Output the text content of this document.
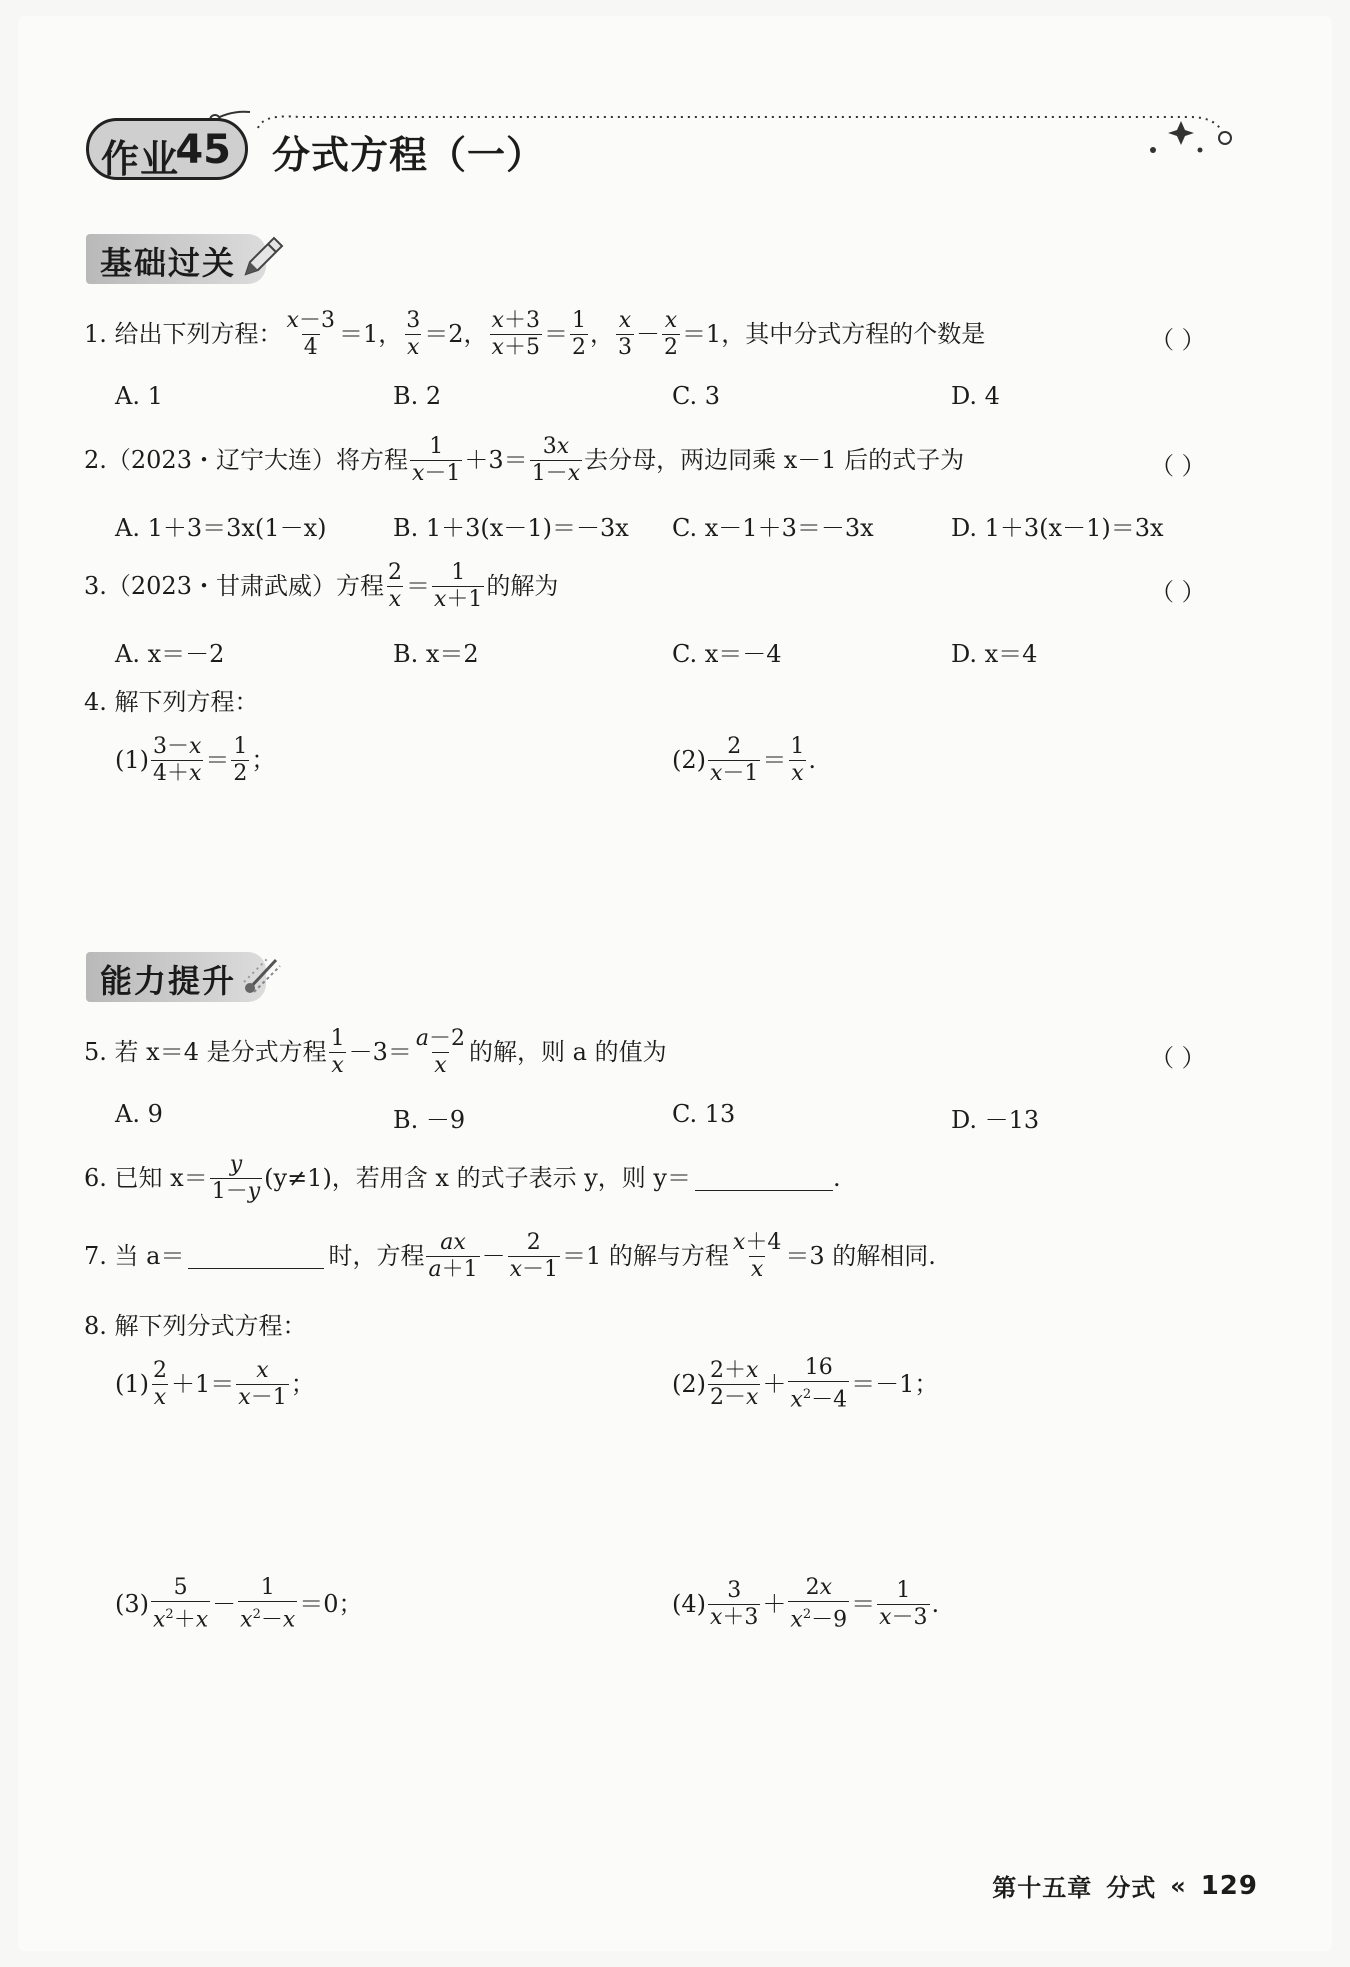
作业
45 分式方程（一）
基础过关
1. 给出下列方程： $\frac{x-3}{4} =1$， $\frac{3}{x} =2$， $\frac{x+3}{x+5} = \frac{1}{2}$ ， $\frac{x}{3} - \frac{x}{2} =1$ ，其中分式方程的个数是	（ ）
A. 1	B. 2	C. 3	D. 4
2.（2023・辽宁大连）将方程 $\frac{1}{x-1} +3= \frac{3x}{1-x}$ 去分母，两边同乘 x－1 后的式子为	（ ）
A. 1＋3＝3x(1－x)	B. 1＋3(x－1)＝－3x C. x－1＋3＝－3x	D. 1＋3(x－1)＝3x
3.（2023・甘肃武威）方程 $\frac{2}{x} = \frac{1}{x+1}$ 的解为	（ ）
A. x＝－2	B. x＝2	C. x＝－4	D. x＝4
4. 解下列方程：
$(1) \frac{3-x}{4+x} = \frac{1}{2}$ ；	$(2) \frac{2}{x-1} = \frac{1}{x}$ .
能力提升
5. 若 x＝4 是分式方程 $\frac{1}{x} -3= \frac{a-2}{x}$ 的解，则 a 的值为	（ ）
A. 9	B. －9	C. 13	D. －13
6. 已知 $x= \frac{y}{1-y} (y\ne 1)$，若用含 x 的式子表示 y，则 y＝	.
7. 当 a＝	时，方程 $\frac{ax}{a+1} - \frac{2}{x-1} =1$ 的解与方程 $\frac{x+4}{x} =3$ 的解相同.
8. 解下列分式方程：
$(1) \frac{2}{x} +1= \frac{x}{x-1}$ ；	$(2) \frac{2+x}{2-x} + \frac{16}{x^2-4} =-1$；
$(3) \frac{5}{x^2+x} - \frac{1}{x^2-x} =0$；	$(4) \frac{3}{x+3} + \frac{2x}{x^2-9} = \frac{1}{x-3}$ .
第十五章 分式 « 129
